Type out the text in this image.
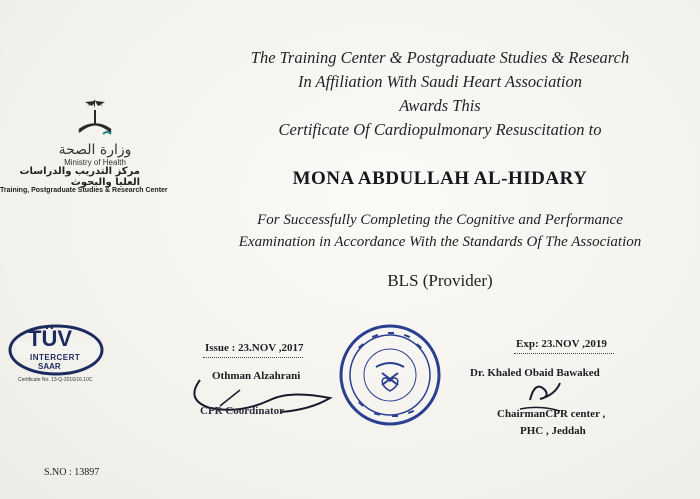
وزارة الصحة
Ministry of Health
مركز التدريب والدراسات العليا والبحوث
Training, Postgraduate Studies & Research Center
The Training Center & Postgraduate Studies & Research
In Affiliation With Saudi Heart Association
Awards This
Certificate Of Cardiopulmonary Resuscitation to
MONA ABDULLAH AL-HIDARY
For Successfully Completing the Cognitive and Performance
Examination in Accordance With the Standards Of The Association
BLS (Provider)
TÜV
INTERCERT
SAAR
Certificate No. 13-Q-2016/16.10C
Issue : 23.NOV ,2017
Othman Alzahrani
CPR Coordinator
Exp: 23.NOV ,2019
Dr. Khaled Obaid Bawaked
ChairmanCPR center ,
PHC , Jeddah
S.NO : 13897
